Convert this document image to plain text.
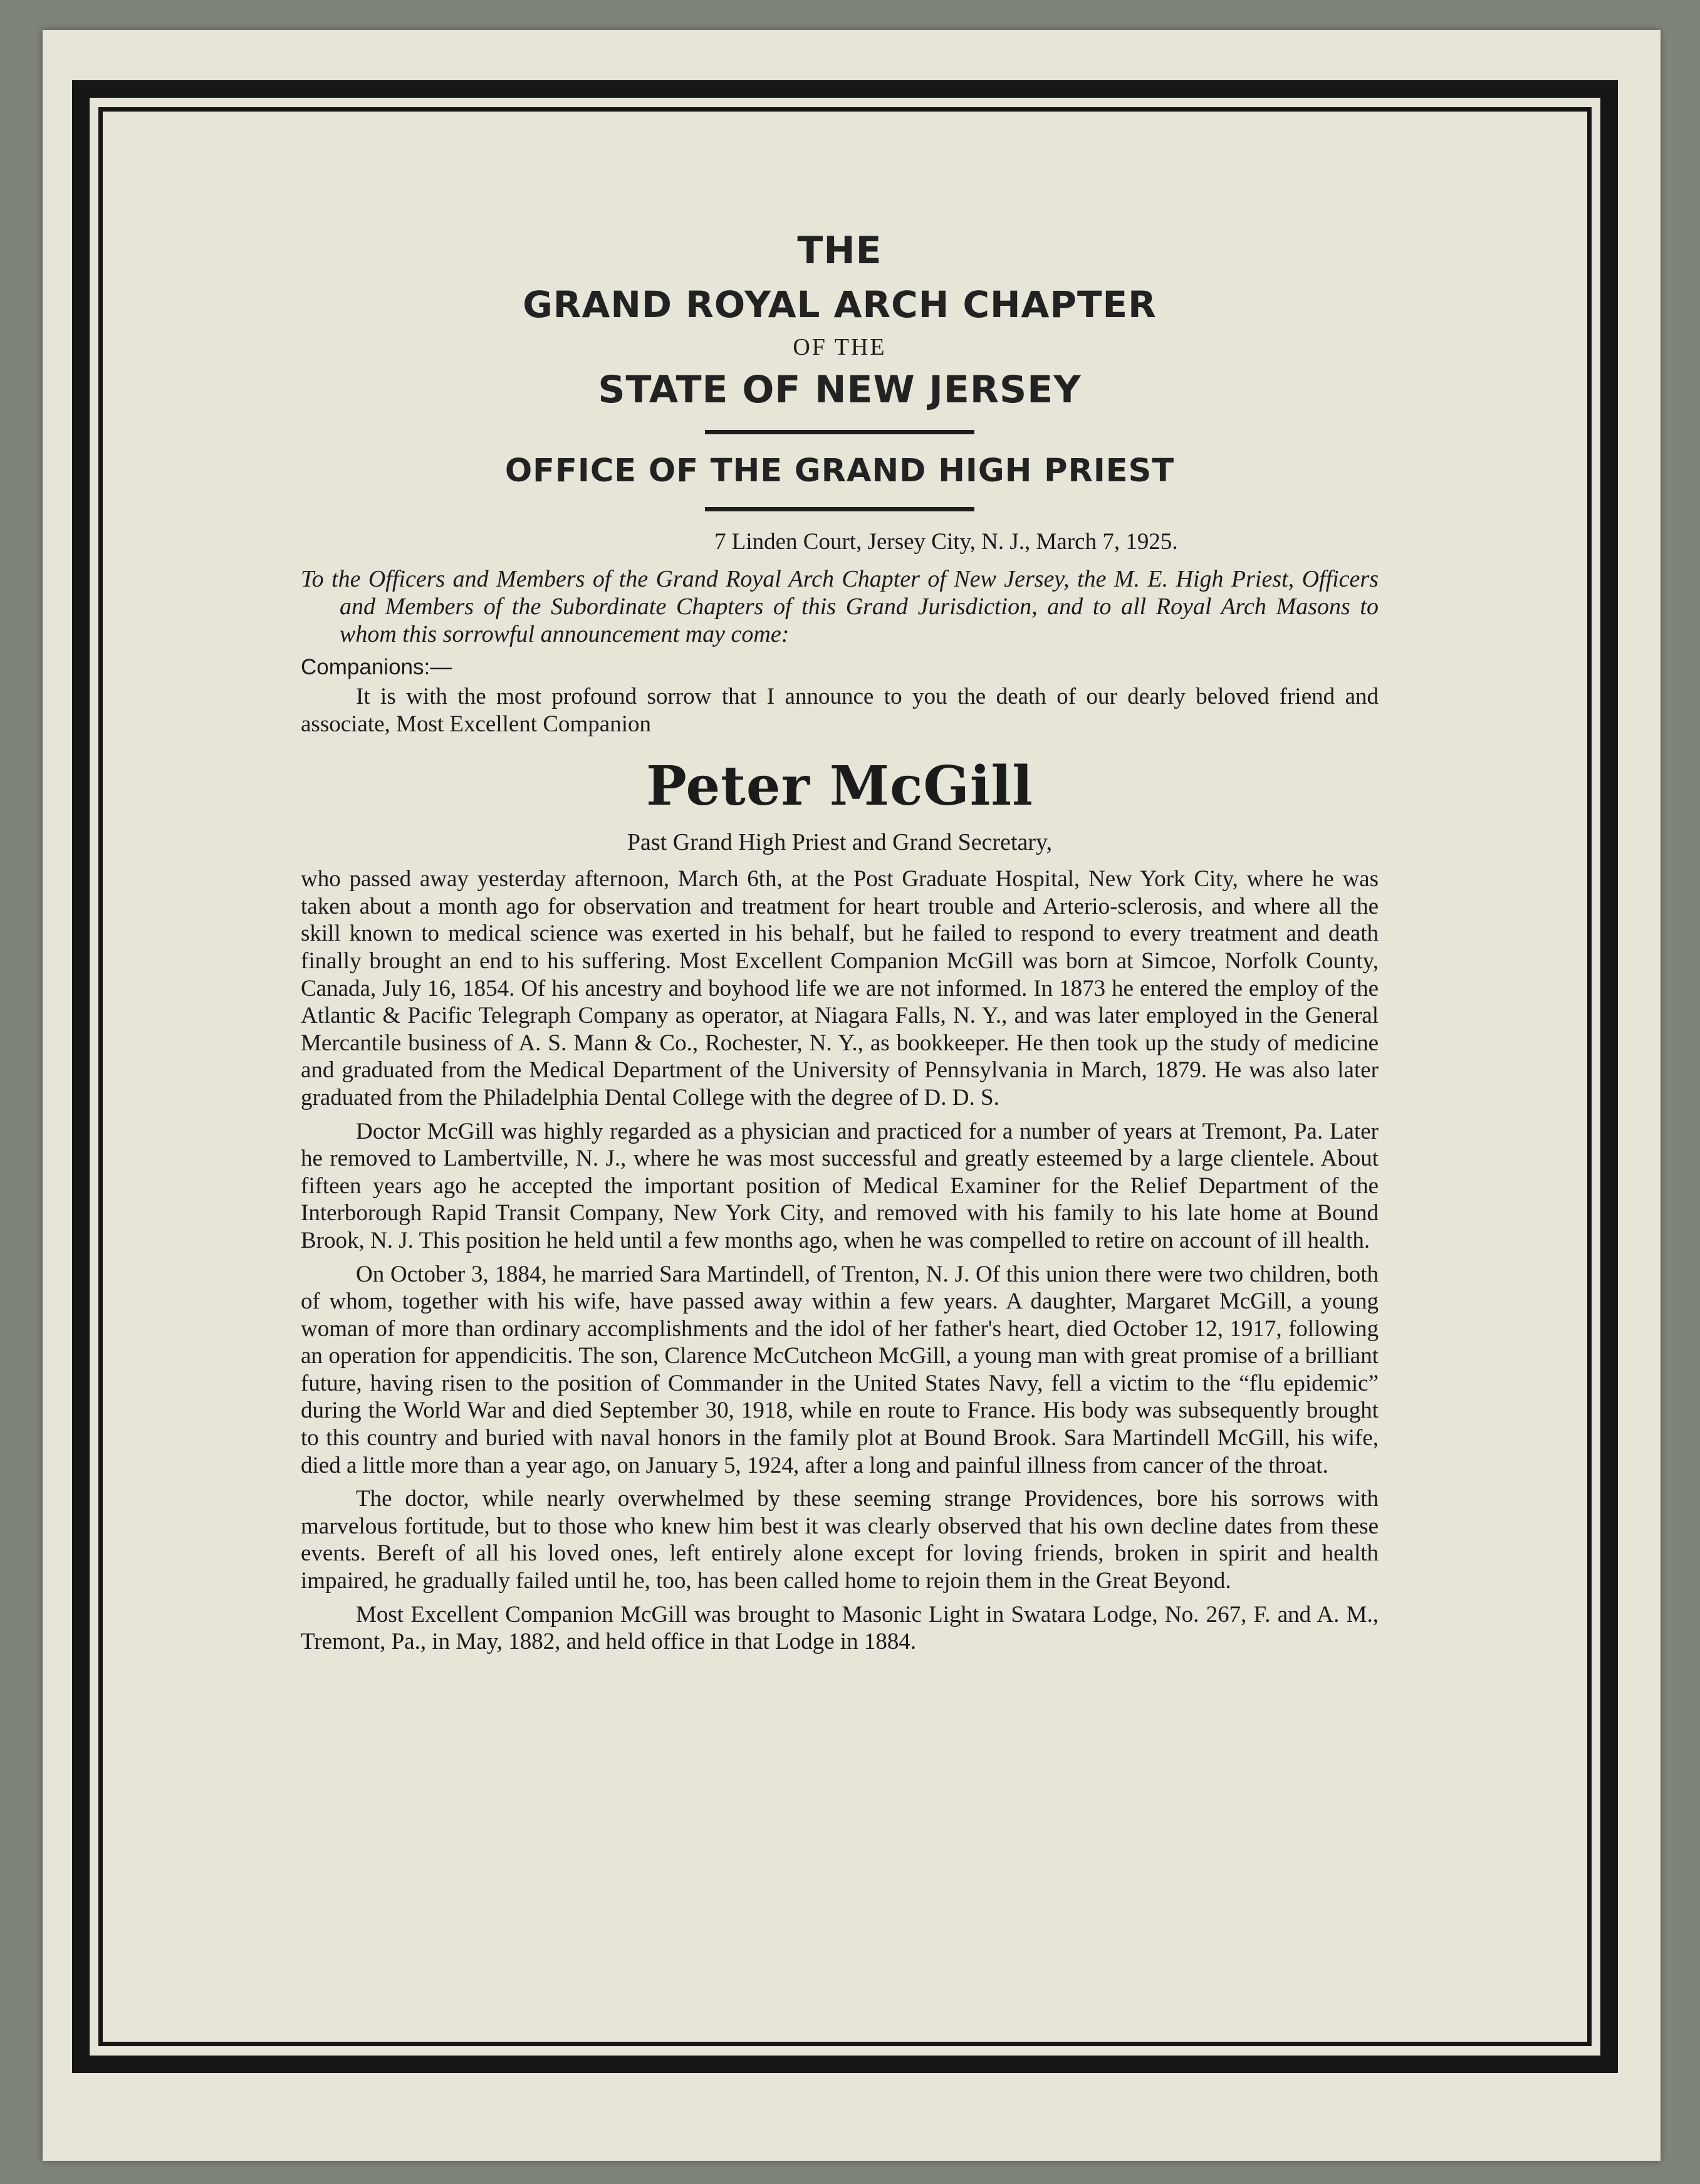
THE
GRAND ROYAL ARCH CHAPTER
OF THE
STATE OF NEW JERSEY
OFFICE OF THE GRAND HIGH PRIEST
7 Linden Court, Jersey City, N. J., March 7, 1925.
To the Officers and Members of the Grand Royal Arch Chapter of New Jersey, the M. E. High Priest, Officers and Members of the Subordinate Chapters of this Grand Jurisdiction, and to all Royal Arch Masons to whom this sorrowful announcement may come:
Companions:—

It is with the most profound sorrow that I announce to you the death of our dearly beloved friend and associate, Most Excellent Companion

Peter McGill
Past Grand High Priest and Grand Secretary,

who passed away yesterday afternoon, March 6th, at the Post Graduate Hospital, New York City, where he was taken about a month ago for observation and treatment for heart trouble and Arterio-sclerosis, and where all the skill known to medical science was exerted in his behalf, but he failed to respond to every treatment and death finally brought an end to his suffering. Most Excellent Companion McGill was born at Simcoe, Norfolk County, Canada, July 16, 1854. Of his ancestry and boyhood life we are not informed. In 1873 he entered the employ of the Atlantic & Pacific Telegraph Company as operator, at Niagara Falls, N. Y., and was later employed in the General Mercantile business of A. S. Mann & Co., Rochester, N. Y., as bookkeeper. He then took up the study of medicine and graduated from the Medical Department of the University of Pennsylvania in March, 1879. He was also later graduated from the Philadelphia Dental College with the degree of D. D. S.

Doctor McGill was highly regarded as a physician and practiced for a number of years at Tremont, Pa. Later he removed to Lambertville, N. J., where he was most successful and greatly esteemed by a large clientele. About fifteen years ago he accepted the important position of Medical Examiner for the Relief Department of the Interborough Rapid Transit Company, New York City, and removed with his family to his late home at Bound Brook, N. J. This position he held until a few months ago, when he was compelled to retire on account of ill health.

On October 3, 1884, he married Sara Martindell, of Trenton, N. J. Of this union there were two children, both of whom, together with his wife, have passed away within a few years. A daughter, Margaret McGill, a young woman of more than ordinary accomplishments and the idol of her father's heart, died October 12, 1917, following an operation for appendicitis. The son, Clarence McCutcheon McGill, a young man with great promise of a brilliant future, having risen to the position of Commander in the United States Navy, fell a victim to the “flu epidemic” during the World War and died September 30, 1918, while en route to France. His body was subsequently brought to this country and buried with naval honors in the family plot at Bound Brook. Sara Martindell McGill, his wife, died a little more than a year ago, on January 5, 1924, after a long and painful illness from cancer of the throat.

The doctor, while nearly overwhelmed by these seeming strange Providences, bore his sorrows with marvelous fortitude, but to those who knew him best it was clearly observed that his own decline dates from these events. Bereft of all his loved ones, left entirely alone except for loving friends, broken in spirit and health impaired, he gradually failed until he, too, has been called home to rejoin them in the Great Beyond.

Most Excellent Companion McGill was brought to Masonic Light in Swatara Lodge, No. 267, F. and A. M., Tremont, Pa., in May, 1882, and held office in that Lodge in 1884.
